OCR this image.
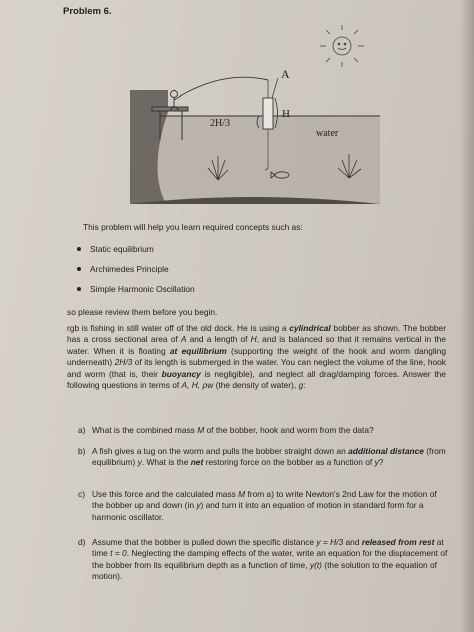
Problem 6.
A
H
2H/3
water
This problem will help you learn required concepts such as:
Static equilibrium
Archimedes Principle
Simple Harmonic Oscillation
so please review them before you begin.
rgb is fishing in still water off of the old dock. He is using a cylindrical bobber as shown. The bobber has a cross sectional area of A and a length of H, and is balanced so that it remains vertical in the water. When it is floating at equilibrium (supporting the weight of the hook and worm dangling underneath) 2H/3 of its length is submerged in the water. You can neglect the volume of the line, hook and worm (that is, their buoyancy is negligible), and neglect all drag/damping forces. Answer the following questions in terms of A, H, ρw (the density of water), g:
a) What is the combined mass M of the bobber, hook and worm from the data?
b) A fish gives a tug on the worm and pulls the bobber straight down an additional distance (from equilibrium) y. What is the net restoring force on the bobber as a function of y?
c) Use this force and the calculated mass M from a) to write Newton's 2nd Law for the motion of the bobber up and down (in y) and turn it into an equation of motion in standard form for a harmonic oscillator.
d) Assume that the bobber is pulled down the specific distance y = H/3 and released from rest at time t = 0. Neglecting the damping effects of the water, write an equation for the displacement of the bobber from its equilibrium depth as a function of time, y(t) (the solution to the equation of motion).
